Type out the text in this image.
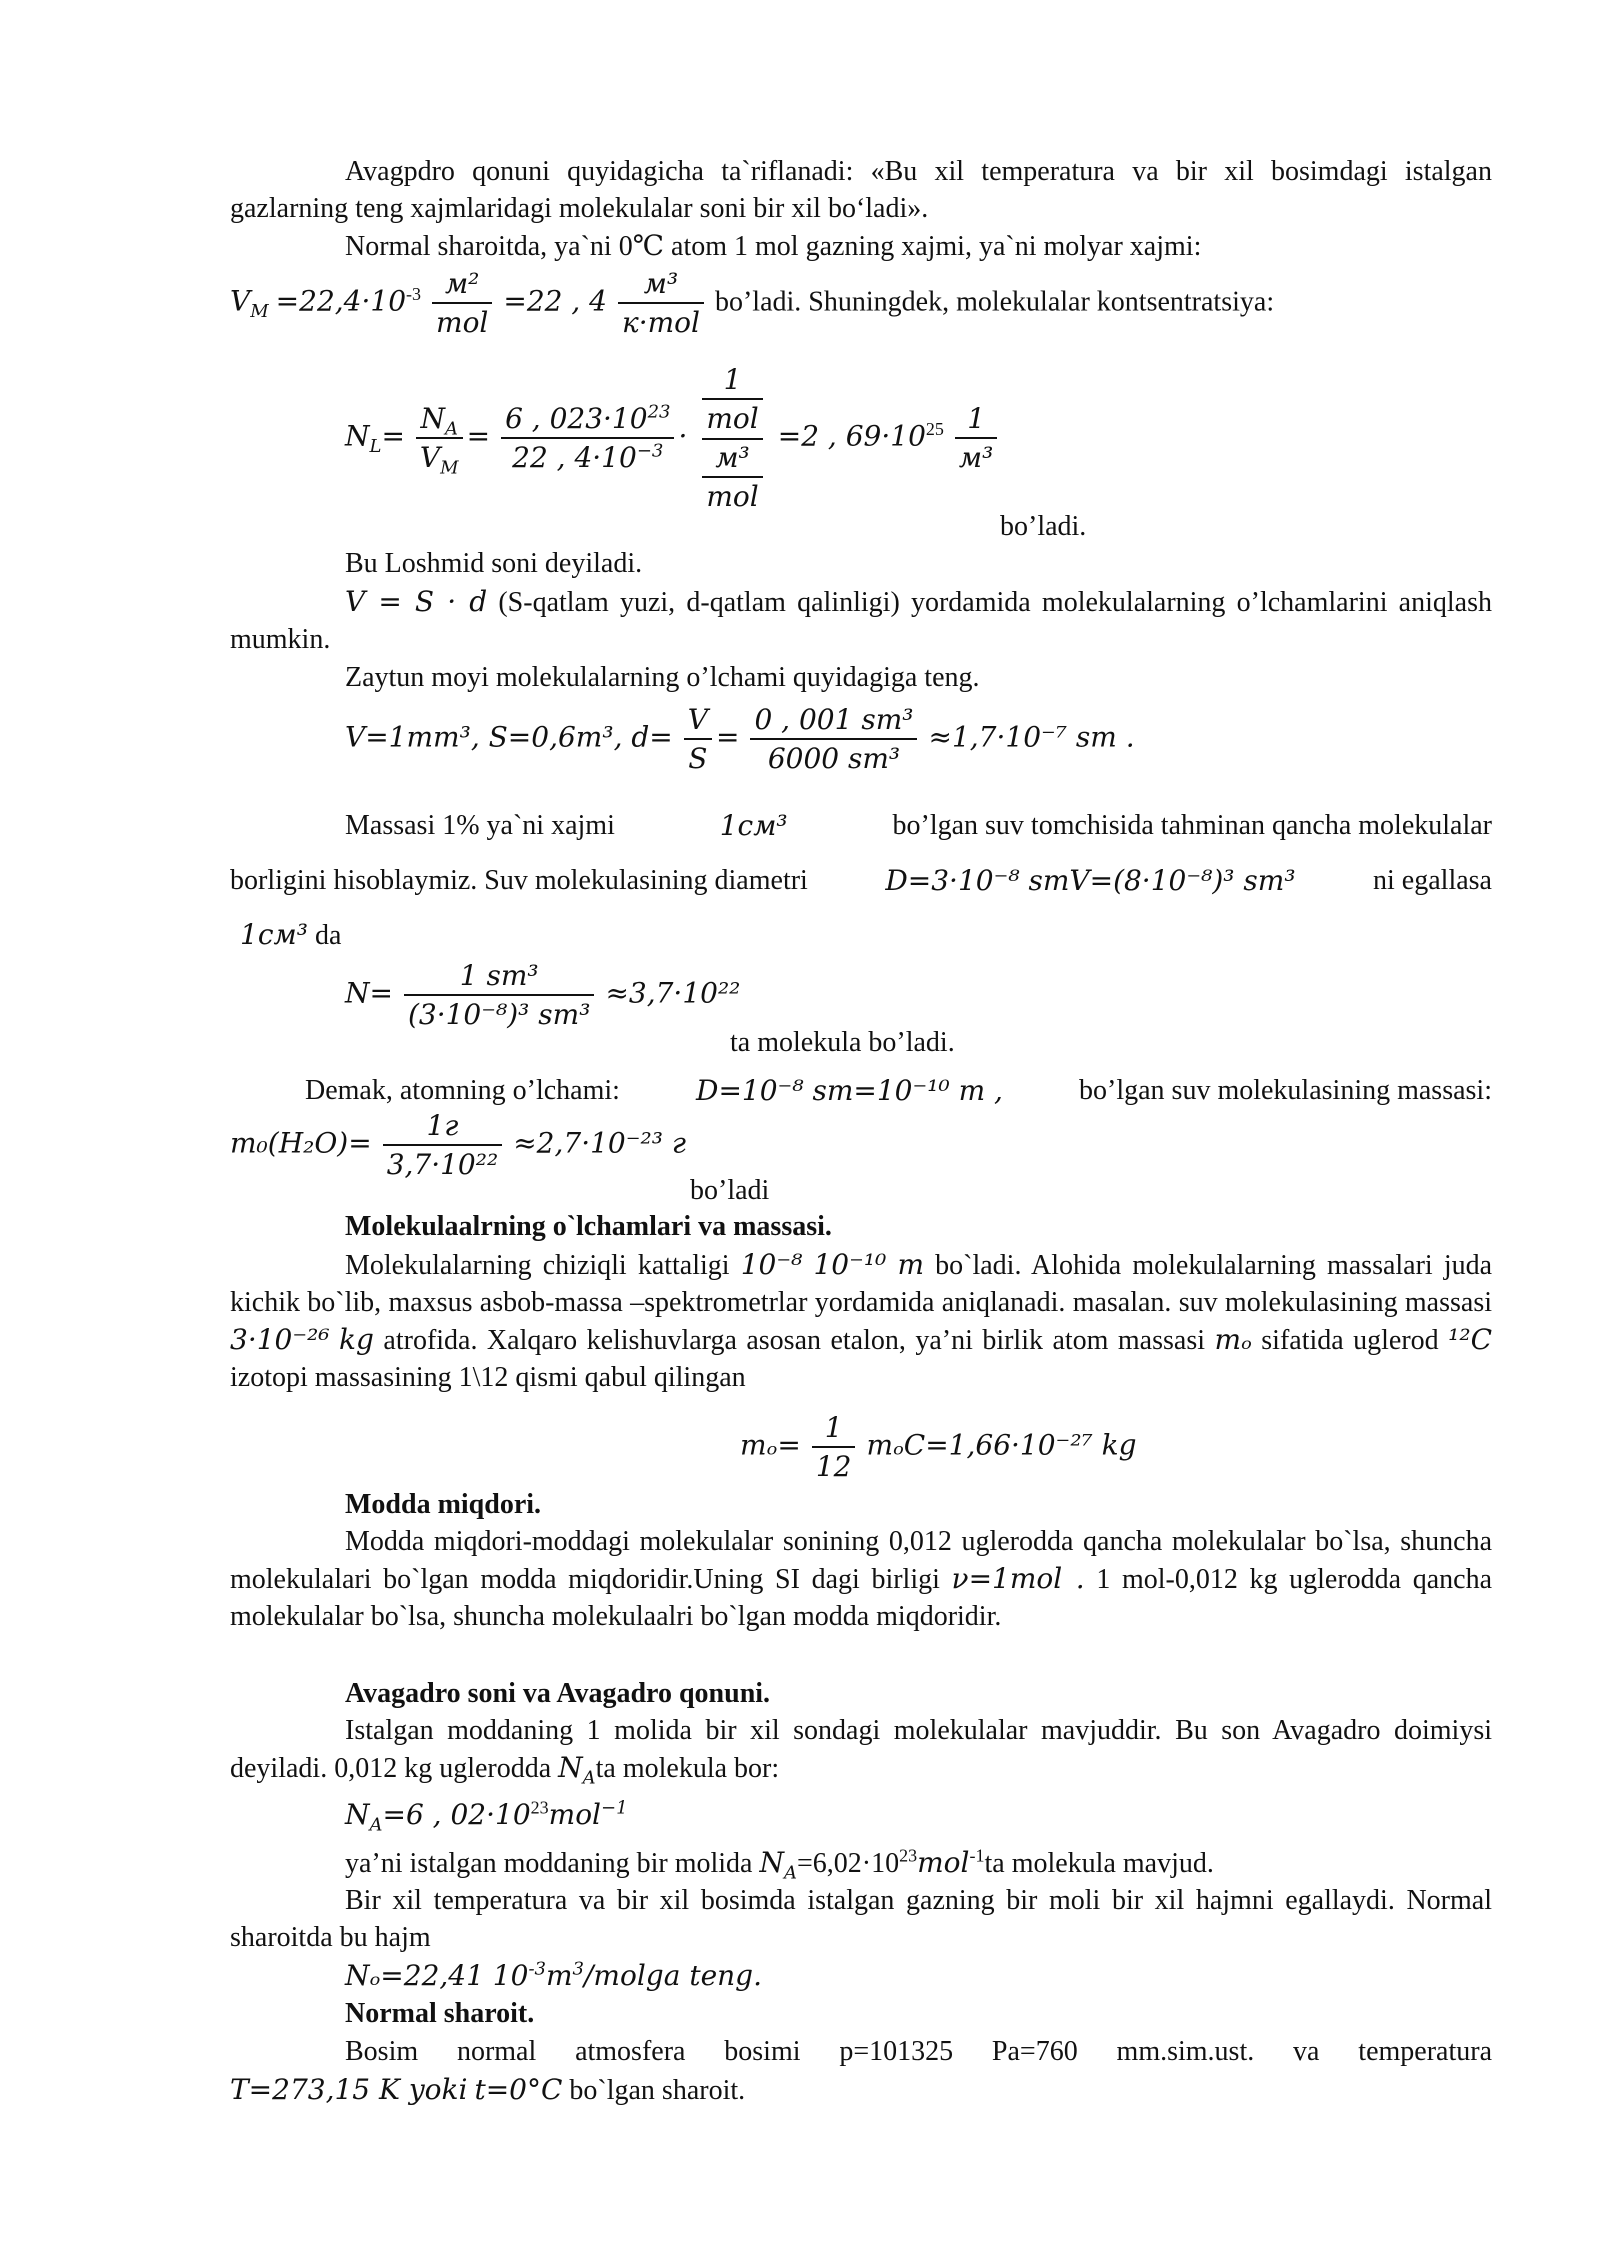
Avagpdro qonuni quyidagicha ta`riflanadi: «Bu xil temperatura va bir xil bosimdagi istalgan gazlarning teng xajmlaridagi molekulalar soni bir xil bo‘ladi».

Normal sharoitda, ya`ni 0℃ atom 1 mol gazning xajmi, ya`ni molyar xajmi:

$V_M =22,4\cdot 10^{-3} \frac{\text{м²}}{\text{mol}} =22$ , $4 \frac{\text{м³}}{\text{к·mol}}$ bo’ladi. Shuningdek, molekulalar kontsentratsiya:
$N_L= \frac{N_A}{V_M} = \frac{6 , 023\cdot 10^{23}}{22 , 4\cdot 10^{-3}} \cdot \frac{1}{\text{mol}}$
$\frac{\text{м³}}{\text{mol}}$
=2 , $69\cdot 10^{25} \frac{1}{\text{м³}}$
bo’ladi.
Bu Loshmid soni deyiladi.

V = S · d (S-qatlam yuzi, d-qatlam qalinligi) yordamida molekulalarning o’lchamlarini aniqlash mumkin.

Zaytun moyi molekulalarning o’lchami quyidagiga teng.
V=1mm³, S=0,6m³, $d= \frac{V}{S} = \frac{\text{0 , 001 sm³}}{\text{6000 sm³}} \approx 1,7\cdot 10^{-7}$ sm .
Massasi 1% ya`ni xajmi	1см³	bo’lgan suv tomchisida tahminan qancha molekulalar
borligini hisoblaymiz. Suv molekulasining diametri	D=3·10⁻⁸ smV=(8·10⁻⁸)³ sm³	ni egallasa
1см³ da
$N= \frac{\text{1 sm³}}{\text{(3·10⁻⁸)³ sm³}} \approx 3,7\cdot 10^{22}$
ta molekula bo’ladi.
Demak, atomning o’lchami:	D=10⁻⁸ sm=10⁻¹⁰ m ,	bo’lgan suv molekulasining massasi:
$m_0(H_2O)= \frac{1г}{\text{3,7·10²²}} \approx 2,7\cdot 10^{-23}$ г
bo’ladi
Molekulaalrning o`lchamlari va massasi.

Molekulalarning chiziqli kattaligi 10⁻⁸ 10⁻¹⁰ m bo`ladi. Alohida molekulalarning massalari juda kichik bo`lib, maxsus asbob-massa –spektrometrlar yordamida aniqlanadi. masalan. suv molekulasining massasi 3·10⁻²⁶ kg atrofida. Xalqaro kelishuvlarga asosan etalon, ya’ni birlik atom massasi mₒ sifatida uglerod ¹²C izotopi massasining 1\12 qismi qabul qilingan

$m_o= \frac{1}{12} m_oC=1,66\cdot 10^{-27}$ kg
Modda miqdori.

Modda miqdori-moddagi molekulalar sonining 0,012 uglerodda qancha molekulalar bo`lsa, shuncha molekulalari bo`lgan modda miqdoridir.Uning SI dagi birligi ν=1mol . 1 mol-0,012 kg uglerodda qancha molekulalar bo`lsa, shuncha molekulaalri bo`lgan modda miqdoridir.

Avagadro soni va Avagadro qonuni.

Istalgan moddaning 1 molida bir xil sondagi molekulalar mavjuddir. Bu son Avagadro doimiysi deyiladi. 0,012 kg uglerodda $N_Ata$ molekula bor:

$N_A=6$ , $02\cdot 10^{23}mol^{-1}$
ya’ni istalgan moddaning bir molida $N_A=6,02\cdot 10^{23}mol^{-1}ta$ molekula mavjud.

Bir xil temperatura va bir xil bosimda istalgan gazning bir moli bir xil hajmni egallaydi. Normal sharoitda bu hajm

Nₒ=22,41 $10^{-3}m^3$/molga teng.
Normal sharoit.

Bosim normal atmosfera bosimi p=101325 Pa=760 mm.sim.ust. va temperatura

T=273,15 K yoki t=0°C bo`lgan sharoit.
